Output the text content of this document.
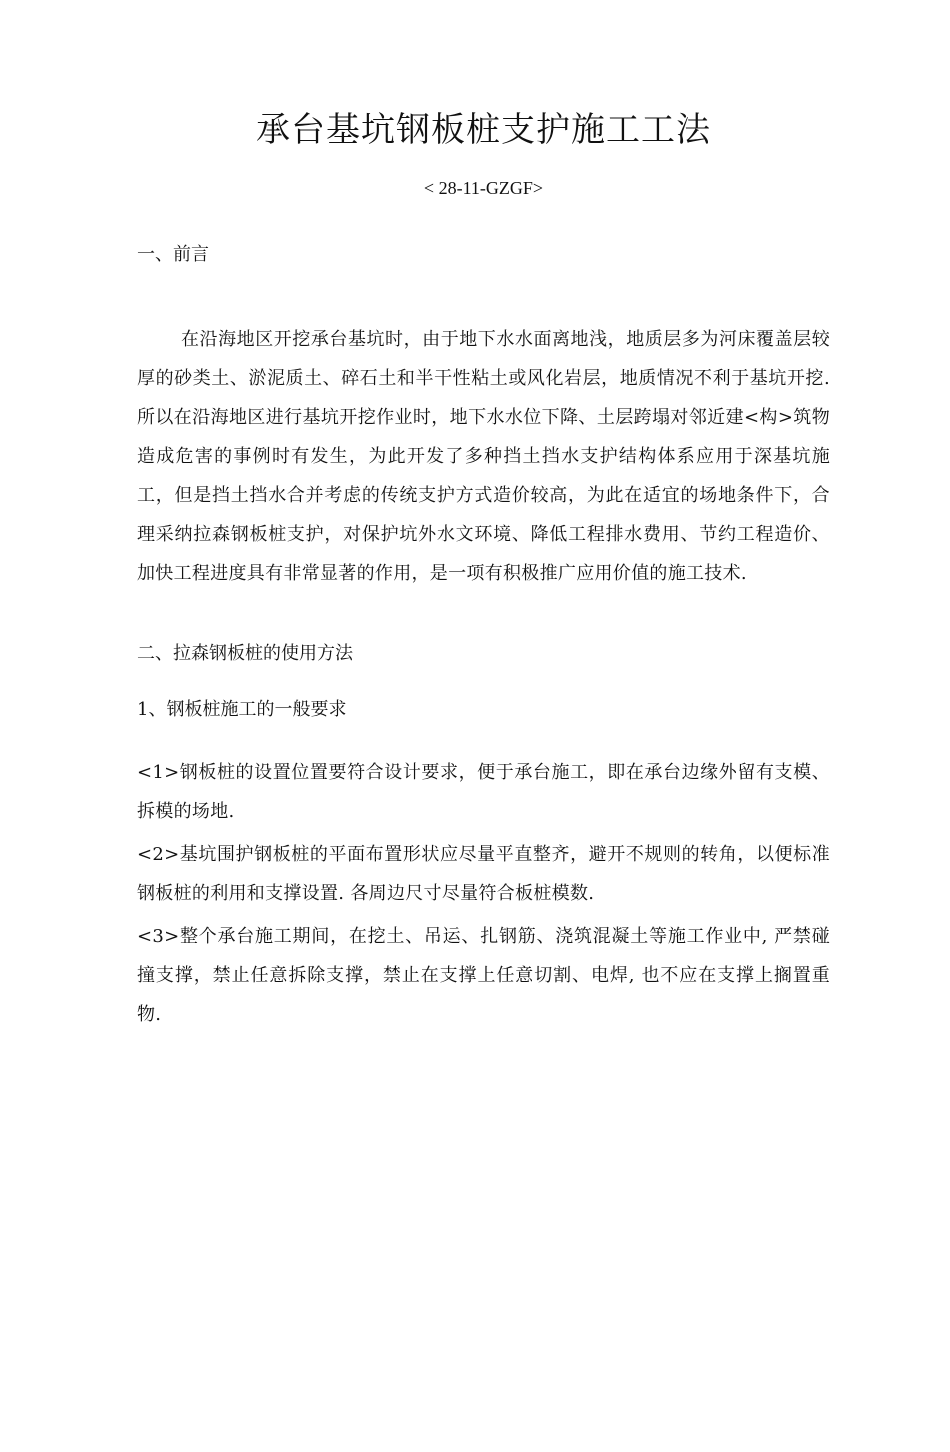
承台基坑钢板桩支护施工工法
< 28-11-GZGF>
一、前言

在沿海地区开挖承台基坑时，由于地下水水面离地浅，地质层多为河床覆盖层较厚的砂类土、淤泥质土、碎石土和半干性粘土或风化岩层，地质情况不利于基坑开挖. 所以在沿海地区进行基坑开挖作业时，地下水水位下降、土层跨塌对邻近建<构>筑物造成危害的事例时有发生，为此开发了多种挡土挡水支护结构体系应用于深基坑施工，但是挡土挡水合并考虑的传统支护方式造价较高，为此在适宜的场地条件下，合理采纳拉森钢板桩支护，对保护坑外水文环境、降低工程排水费用、节约工程造价、加快工程进度具有非常显著的作用，是一项有积极推广应用价值的施工技术.

二、拉森钢板桩的使用方法
1、钢板桩施工的一般要求

<1>钢板桩的设置位置要符合设计要求，便于承台施工，即在承台边缘外留有支模、拆模的场地.

<2>基坑围护钢板桩的平面布置形状应尽量平直整齐，避开不规则的转角，以便标准钢板桩的利用和支撑设置. 各周边尺寸尽量符合板桩模数.

<3>整个承台施工期间，在挖土、吊运、扎钢筋、浇筑混凝土等施工作业中, 严禁碰撞支撑，禁止任意拆除支撑，禁止在支撑上任意切割、电焊, 也不应在支撑上搁置重物.
